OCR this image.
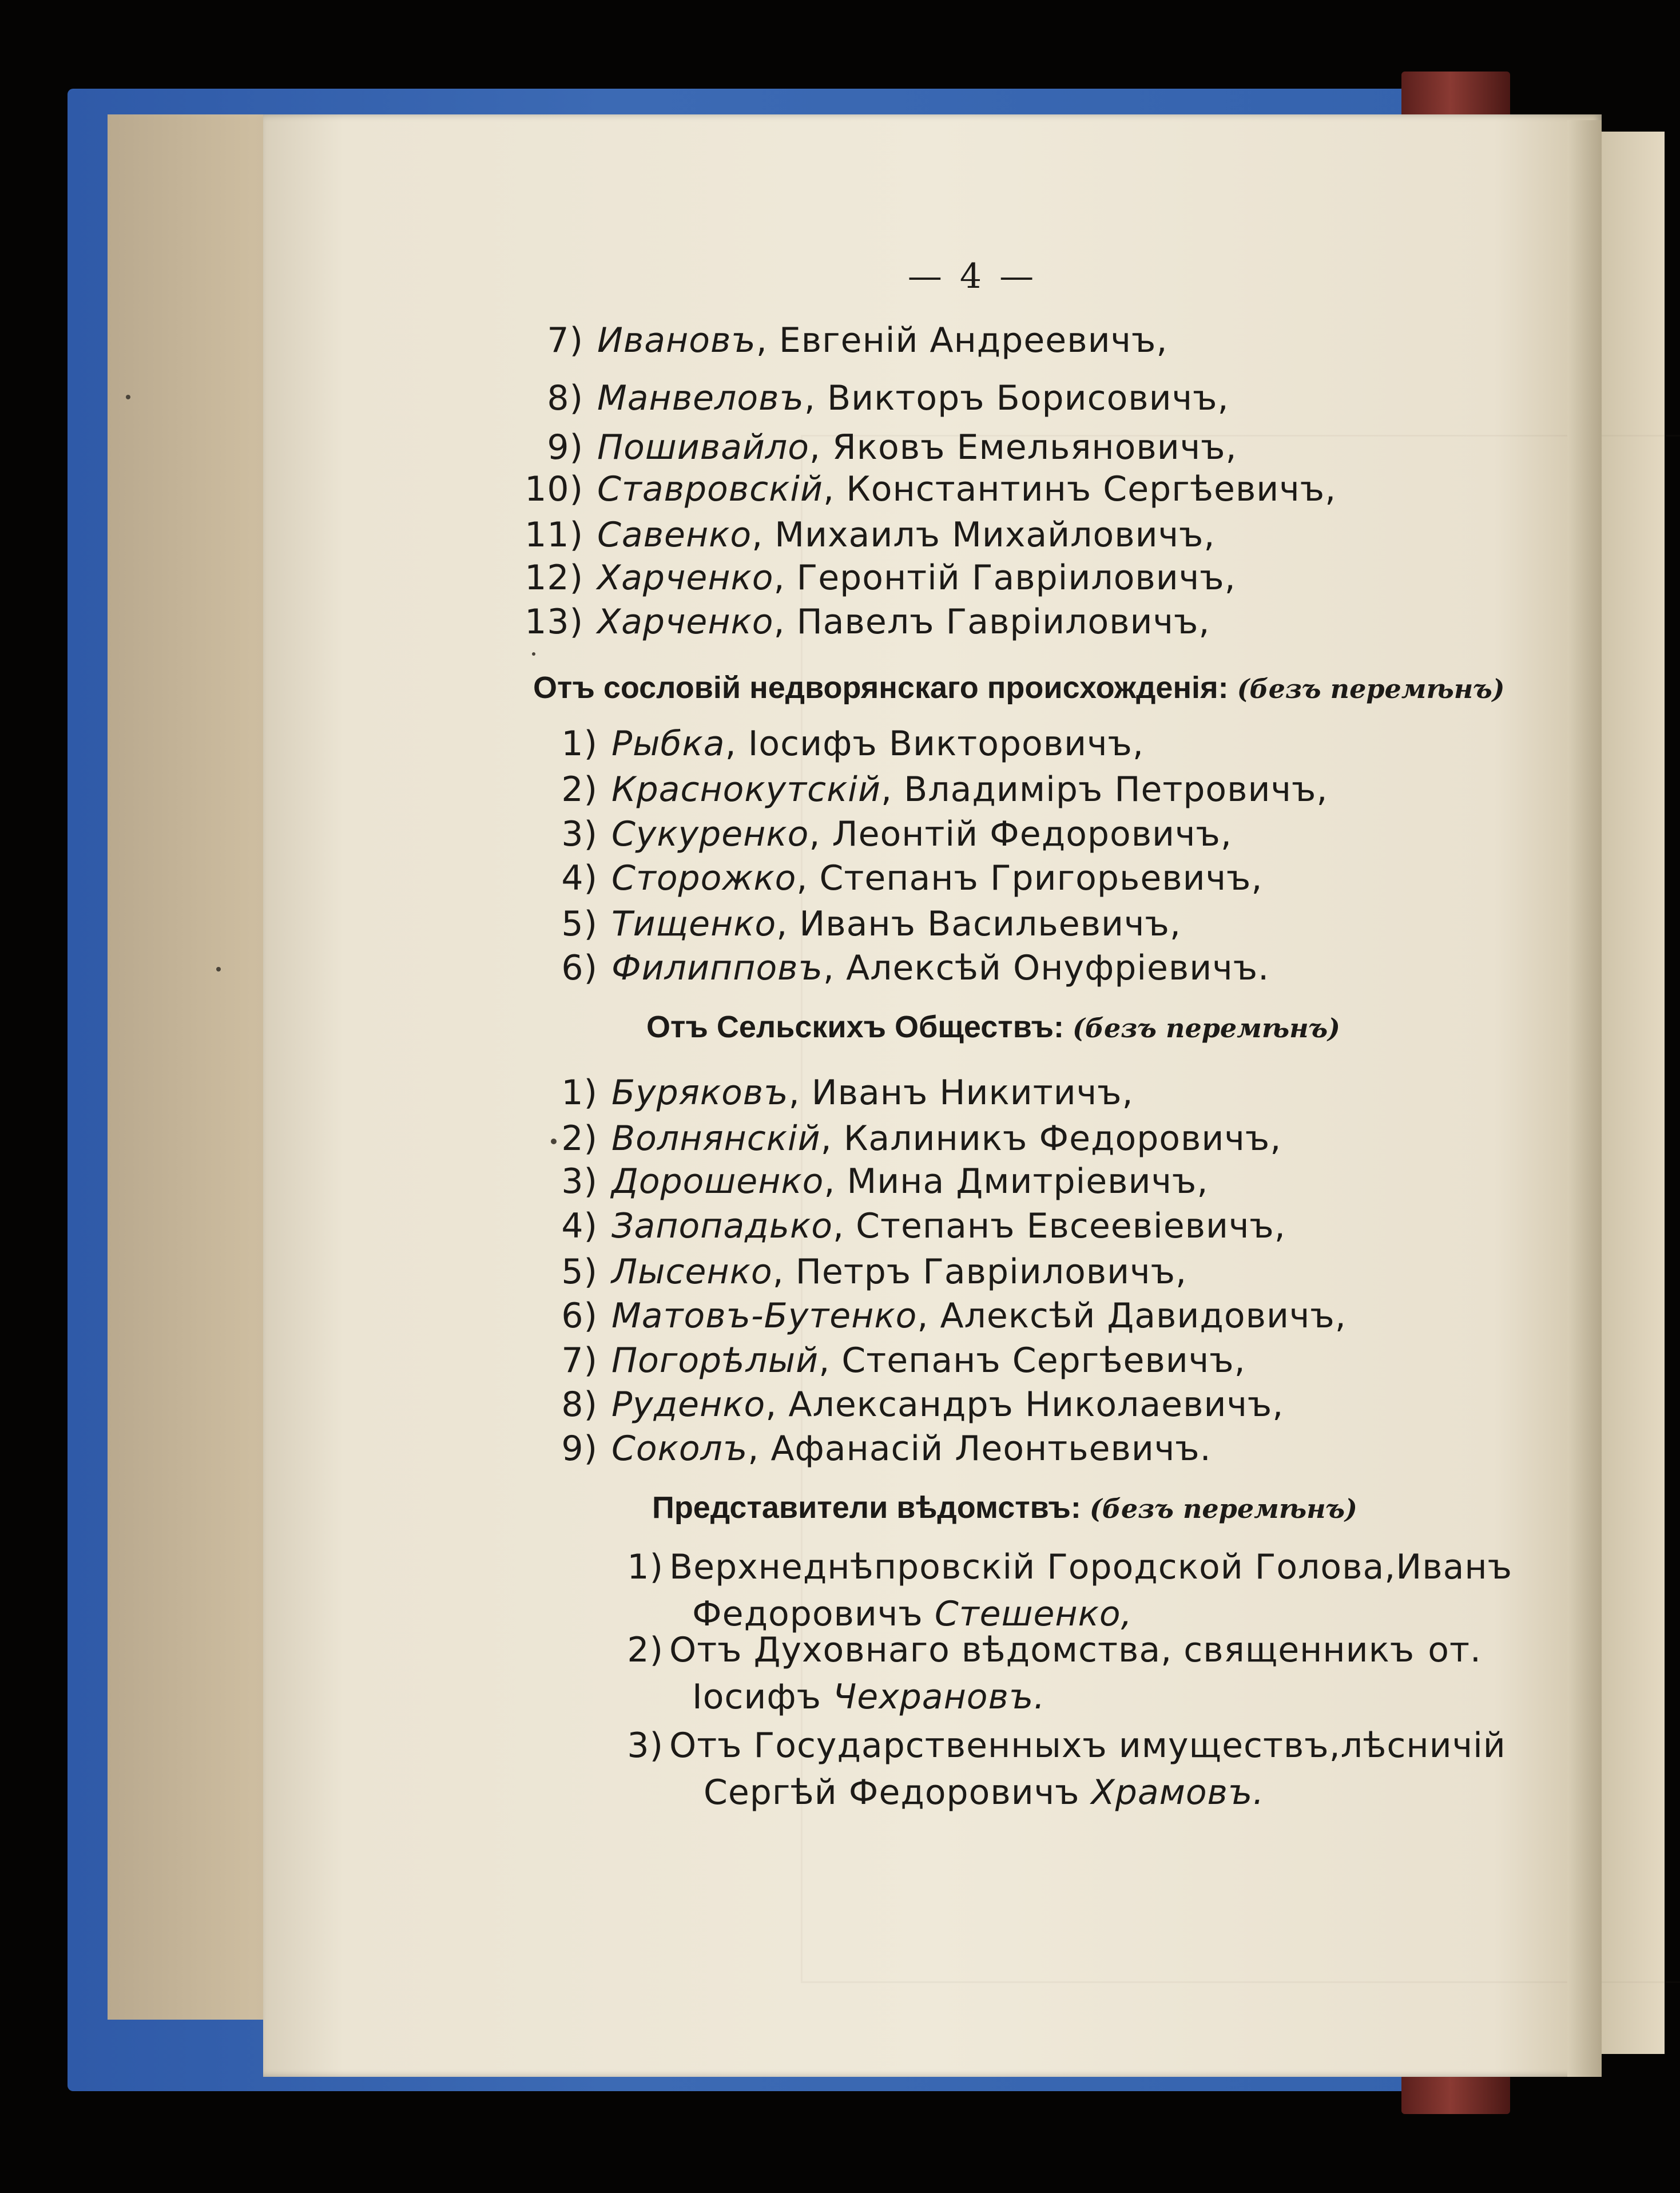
— 4 —
7) Ивановъ, Евгеній Андреевичъ,
8) Манвеловъ, Викторъ Борисовичъ,
9) Пошивайло, Яковъ Емельяновичъ,
10) Ставровскій, Константинъ Сергѣевичъ,
11) Савенко, Михаилъ Михайловичъ,
12) Харченко, Геронтій Гавріиловичъ,
13) Харченко, Павелъ Гавріиловичъ,
Отъ сословій недворянскаго происхожденія: (безъ перемѣнъ)
1) Рыбка, Іосифъ Викторовичъ,
2) Краснокутскій, Владиміръ Петровичъ,
3) Сукуренко, Леонтій Федоровичъ,
4) Сторожко, Степанъ Григорьевичъ,
5) Тищенко, Иванъ Васильевичъ,
6) Филипповъ, Алексѣй Онуфріевичъ.
Отъ Сельскихъ Обществъ: (безъ перемѣнъ)
1) Буряковъ, Иванъ Никитичъ,
2) Волнянскій, Калиникъ Федоровичъ,
3) Дорошенко, Мина Дмитріевичъ,
4) Запопадько, Степанъ Евсеевіевичъ,
5) Лысенко, Петръ Гавріиловичъ,
6) Матовъ-Бутенко, Алексѣй Давидовичъ,
7) Погорѣлый, Степанъ Сергѣевичъ,
8) Руденко, Александръ Николаевичъ,
9) Соколъ, Афанасій Леонтьевичъ.
Представители вѣдомствъ: (безъ перемѣнъ)
1) Верхнеднѣпровскій Городской Голова, Иванъ
Федоровичъ Стешенко,
2) Отъ Духовнаго вѣдомства, священникъ от.
Іосифъ Чехрановъ.
3) Отъ Государственныхъ имуществъ, лѣсничій
Сергѣй Федоровичъ Храмовъ.
